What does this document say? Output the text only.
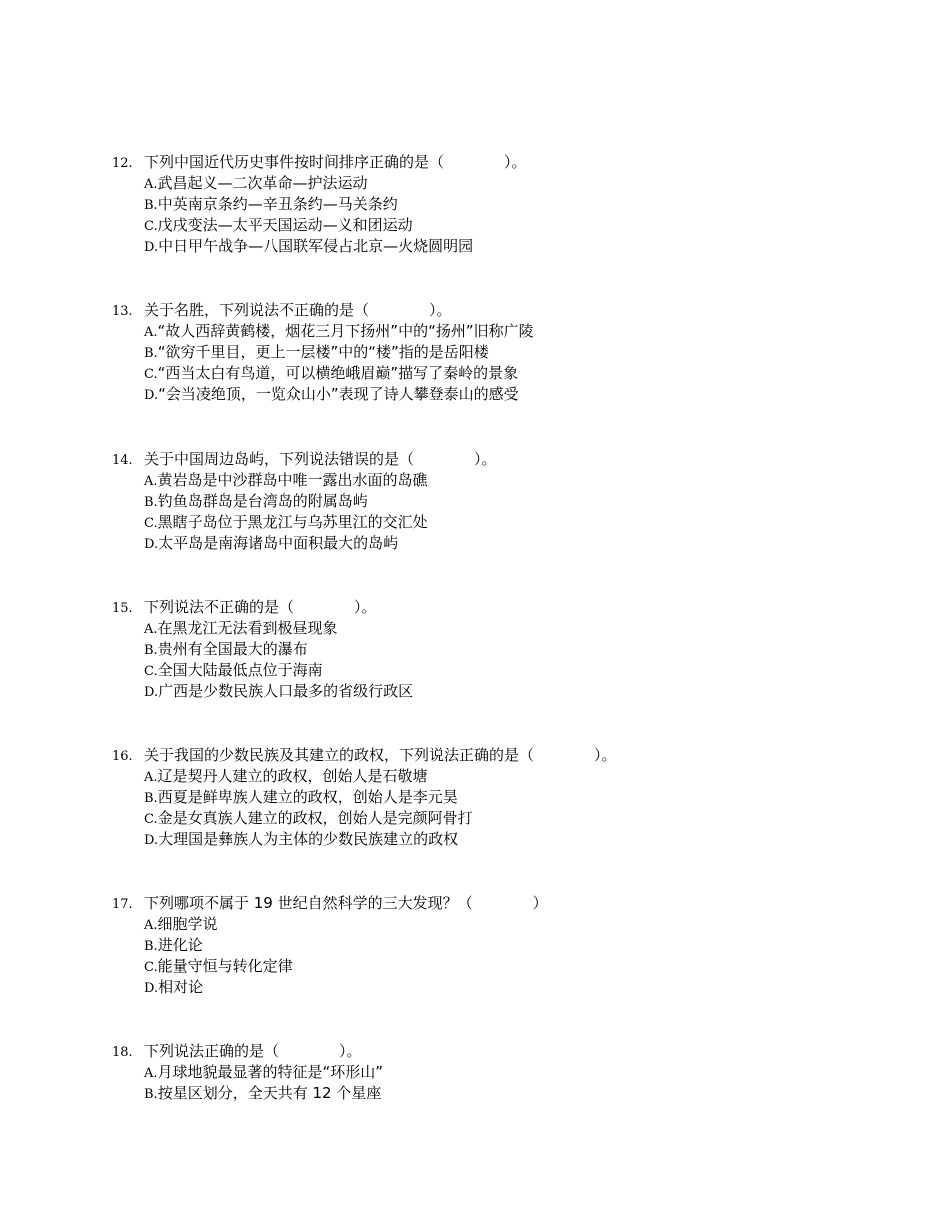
12. 下列中国近代历史事件按时间排序正确的是（　　　　）。
A.武昌起义—二次革命—护法运动
B.中英南京条约—辛丑条约—马关条约
C.戊戌变法—太平天国运动—义和团运动
D.中日甲午战争—八国联军侵占北京—火烧圆明园
13. 关于名胜，下列说法不正确的是（　　　　）。
A.“故人西辞黄鹤楼，烟花三月下扬州”中的“扬州”旧称广陵
B.“欲穷千里目，更上一层楼”中的“楼”指的是岳阳楼
C.“西当太白有鸟道，可以横绝峨眉巅”描写了秦岭的景象
D.“会当凌绝顶，一览众山小”表现了诗人攀登泰山的感受
14. 关于中国周边岛屿，下列说法错误的是（　　　　）。
A.黄岩岛是中沙群岛中唯一露出水面的岛礁
B.钓鱼岛群岛是台湾岛的附属岛屿
C.黑瞎子岛位于黑龙江与乌苏里江的交汇处
D.太平岛是南海诸岛中面积最大的岛屿
15. 下列说法不正确的是（　　　　）。
A.在黑龙江无法看到极昼现象
B.贵州有全国最大的瀑布
C.全国大陆最低点位于海南
D.广西是少数民族人口最多的省级行政区
16. 关于我国的少数民族及其建立的政权，下列说法正确的是（　　　　）。
A.辽是契丹人建立的政权，创始人是石敬塘
B.西夏是鲜卑族人建立的政权，创始人是李元昊
C.金是女真族人建立的政权，创始人是完颜阿骨打
D.大理国是彝族人为主体的少数民族建立的政权
17. 下列哪项不属于 19 世纪自然科学的三大发现？（　　　　）
A.细胞学说
B.进化论
C.能量守恒与转化定律
D.相对论
18. 下列说法正确的是（　　　　）。
A.月球地貌最显著的特征是“环形山”
B.按星区划分，全天共有 12 个星座
